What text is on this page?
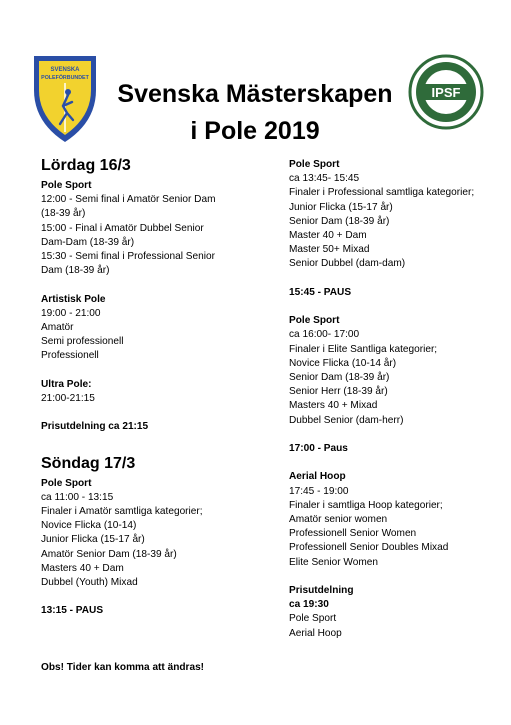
SVENSKA
POLEFÖRBUNDET
IPSF
Svenska Mästerskapen
i Pole 2019
Lördag 16/3
Pole Sport
12:00 - Semi final i Amatör Senior Dam
(18-39 år)
15:00 - Final i Amatör Dubbel Senior
Dam-Dam (18-39 år)
15:30 - Semi final i Professional Senior
Dam (18-39 år)
Artistisk Pole
19:00 - 21:00
Amatör
Semi professionell
Professionell
Ultra Pole:
21:00-21:15
Prisutdelning ca 21:15
Söndag 17/3
Pole Sport
ca 11:00 - 13:15
Finaler i Amatör samtliga kategorier;
Novice Flicka (10-14)
Junior Flicka (15-17 år)
Amatör Senior Dam (18-39 år)
Masters 40 + Dam
Dubbel (Youth) Mixad
13:15 - PAUS
Pole Sport
ca 13:45- 15:45
Finaler i Professional samtliga kategorier;
Junior Flicka (15-17 år)
Senior Dam (18-39 år)
Master 40 + Dam
Master 50+ Mixad
Senior Dubbel (dam-dam)
15:45 - PAUS
Pole Sport
ca 16:00- 17:00
Finaler i Elite Santliga kategorier;
Novice Flicka (10-14 år)
Senior Dam (18-39 år)
Senior Herr (18-39 år)
Masters 40 + Mixad
Dubbel Senior (dam-herr)
17:00 - Paus
Aerial Hoop
17:45 - 19:00
Finaler i samtliga Hoop kategorier;
Amatör senior women
Professionell Senior Women
Professionell Senior Doubles Mixad
Elite Senior Women
Prisutdelning
ca 19:30
Pole Sport
Aerial Hoop
Obs! Tider kan komma att ändras!
